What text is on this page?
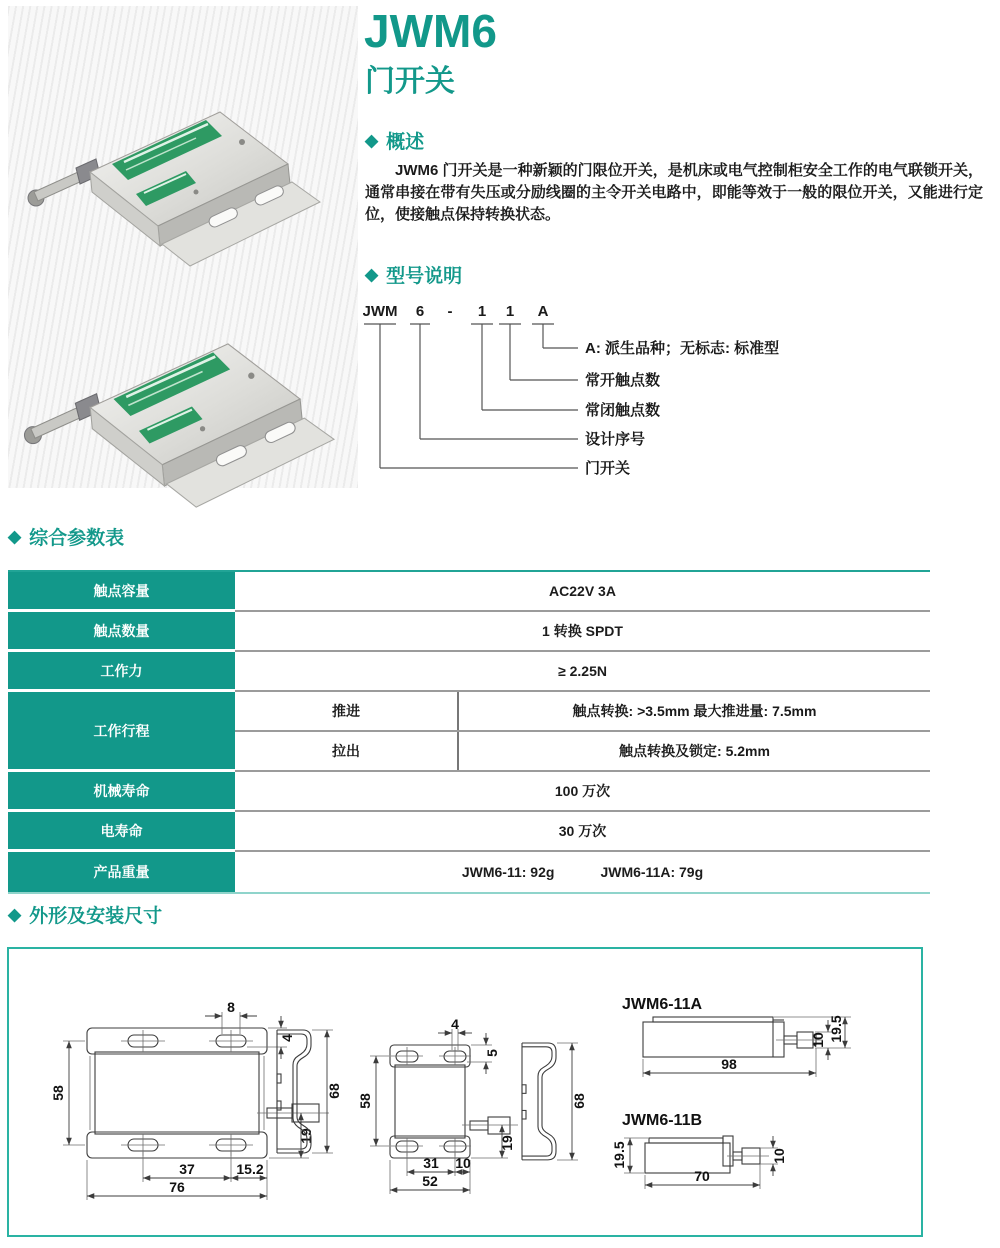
JWM6
门开关
◆ 概述
JWM6 门开关是一种新颖的门限位开关，是机床或电气控制柜安全工作的电气联锁开关，通常串接在带有失压或分励线圈的主令开关电路中，即能等效于一般的限位开关，又能进行定位，使接触点保持转换状态。
◆ 型号说明
JWM 6 - 1 1 A
A: 派生品种；无标志: 标准型
常开触点数
常闭触点数
设计序号
门开关
◆ 综合参数表
触点容量	AC22V 3A
触点数量	1 转换 SPDT
工作力	≥ 2.25N
工作行程
推进	触点转换: >3.5mm 最大推进量: 7.5mm
拉出	触点转换及锁定: 5.2mm
机械寿命	100 万次
电寿命	30 万次
产品重量	JWM6-11: 92g	JWM6-11A: 79g
◆ 外形及安装尺寸
8
4
58
19
37	15.2
76
68
4
5
58
19
31 10
52
68
JWM6-11A
98
10 19.5
JWM6-11B
19.5
70
10
